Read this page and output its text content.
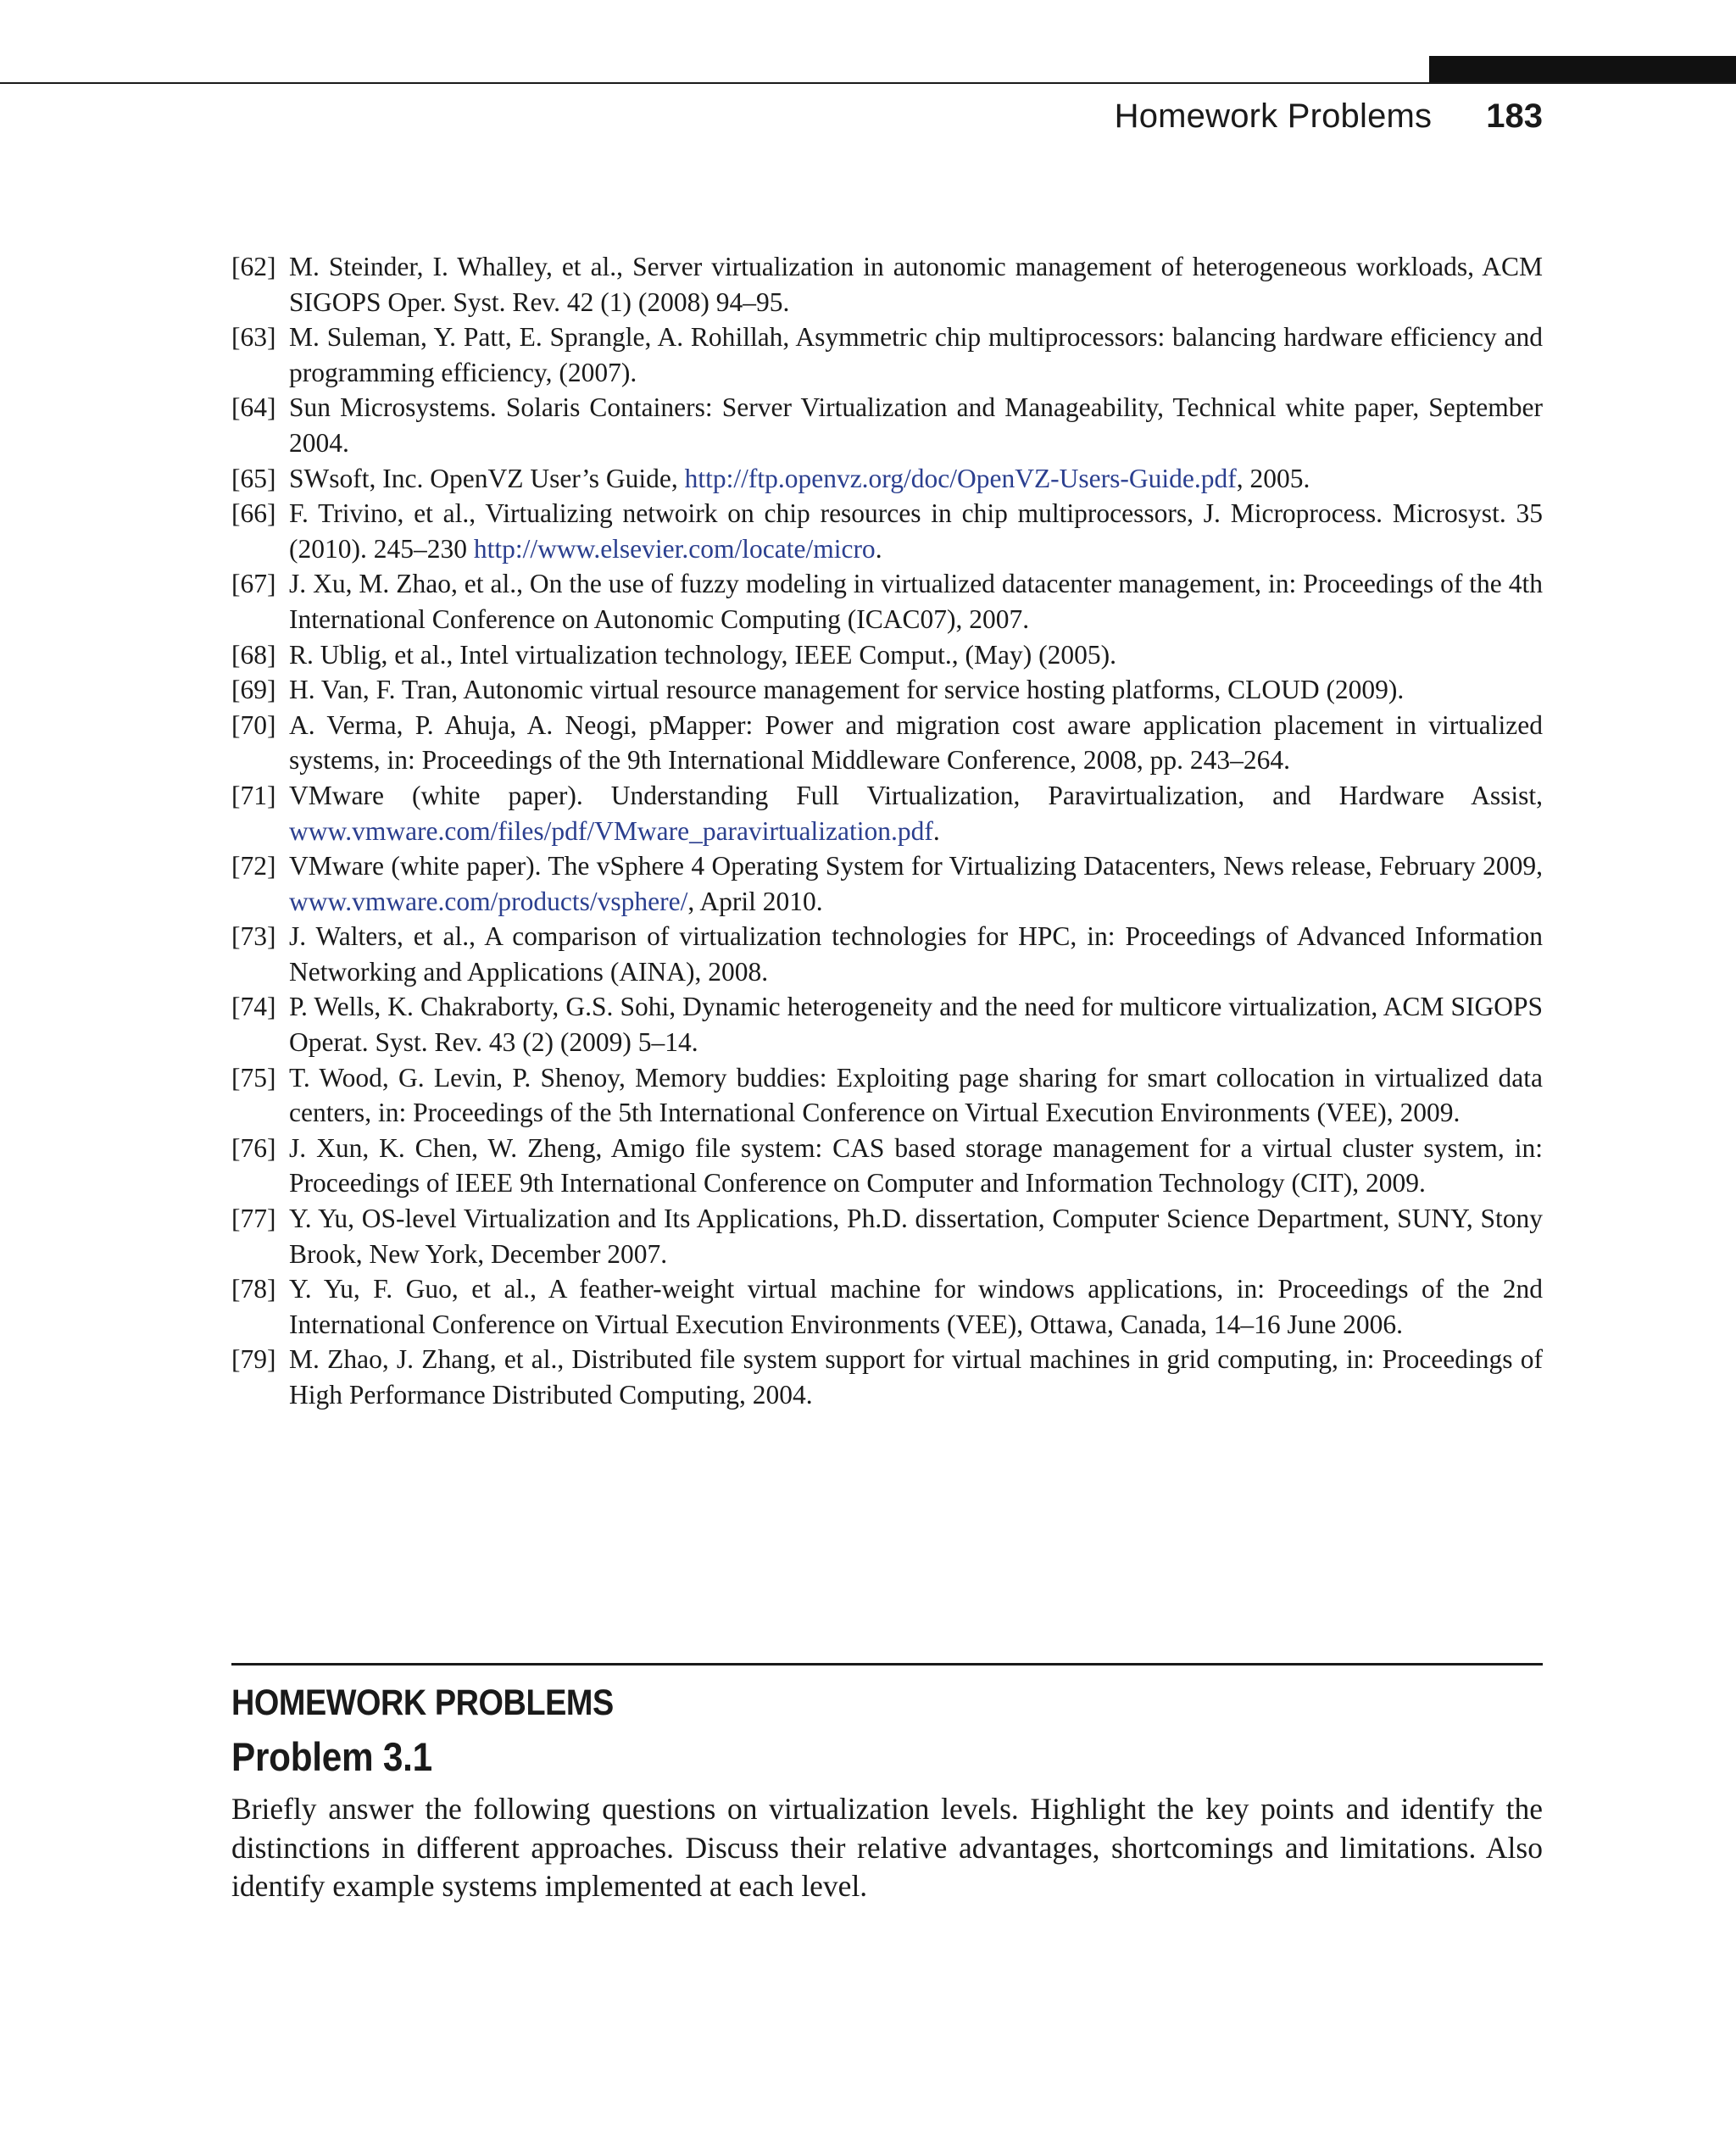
Homework Problems 183
[62] M. Steinder, I. Whalley, et al., Server virtualization in autonomic management of heterogeneous workloads, ACM SIGOPS Oper. Syst. Rev. 42 (1) (2008) 94–95.
[63] M. Suleman, Y. Patt, E. Sprangle, A. Rohillah, Asymmetric chip multiprocessors: balancing hardware efficiency and programming efficiency, (2007).
[64] Sun Microsystems. Solaris Containers: Server Virtualization and Manageability, Technical white paper, September 2004.
[65] SWsoft, Inc. OpenVZ User’s Guide, http://ftp.openvz.org/doc/OpenVZ-Users-Guide.pdf, 2005.
[66] F. Trivino, et al., Virtualizing netwoirk on chip resources in chip multiprocessors, J. Microprocess. Microsyst. 35 (2010). 245–230 http://www.elsevier.com/locate/micro.
[67] J. Xu, M. Zhao, et al., On the use of fuzzy modeling in virtualized datacenter management, in: Proceedings of the 4th International Conference on Autonomic Computing (ICAC07), 2007.
[68] R. Ublig, et al., Intel virtualization technology, IEEE Comput., (May) (2005).
[69] H. Van, F. Tran, Autonomic virtual resource management for service hosting platforms, CLOUD (2009).
[70] A. Verma, P. Ahuja, A. Neogi, pMapper: Power and migration cost aware application placement in virtualized systems, in: Proceedings of the 9th International Middleware Conference, 2008, pp. 243–264.
[71] VMware (white paper). Understanding Full Virtualization, Paravirtualization, and Hardware Assist, www.vmware.com/files/pdf/VMware_paravirtualization.pdf.
[72] VMware (white paper). The vSphere 4 Operating System for Virtualizing Datacenters, News release, February 2009, www.vmware.com/products/vsphere/, April 2010.
[73] J. Walters, et al., A comparison of virtualization technologies for HPC, in: Proceedings of Advanced Information Networking and Applications (AINA), 2008.
[74] P. Wells, K. Chakraborty, G.S. Sohi, Dynamic heterogeneity and the need for multicore virtualization, ACM SIGOPS Operat. Syst. Rev. 43 (2) (2009) 5–14.
[75] T. Wood, G. Levin, P. Shenoy, Memory buddies: Exploiting page sharing for smart collocation in virtualized data centers, in: Proceedings of the 5th International Conference on Virtual Execution Environments (VEE), 2009.
[76] J. Xun, K. Chen, W. Zheng, Amigo file system: CAS based storage management for a virtual cluster system, in: Proceedings of IEEE 9th International Conference on Computer and Information Technology (CIT), 2009.
[77] Y. Yu, OS-level Virtualization and Its Applications, Ph.D. dissertation, Computer Science Department, SUNY, Stony Brook, New York, December 2007.
[78] Y. Yu, F. Guo, et al., A feather-weight virtual machine for windows applications, in: Proceedings of the 2nd International Conference on Virtual Execution Environments (VEE), Ottawa, Canada, 14–16 June 2006.
[79] M. Zhao, J. Zhang, et al., Distributed file system support for virtual machines in grid computing, in: Proceedings of High Performance Distributed Computing, 2004.
HOMEWORK PROBLEMS
Problem 3.1
Briefly answer the following questions on virtualization levels. Highlight the key points and identify the distinctions in different approaches. Discuss their relative advantages, shortcomings and limitations. Also identify example systems implemented at each level.
